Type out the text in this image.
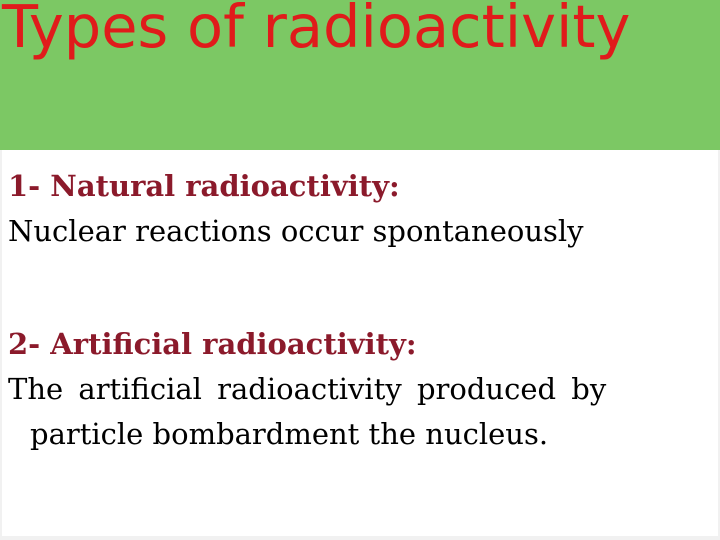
Types of radioactivity
1- Natural radioactivity:
Nuclear reactions occur spontaneously
2- Artificial radioactivity:
The artificial radioactivity produced by
particle bombardment the nucleus.
